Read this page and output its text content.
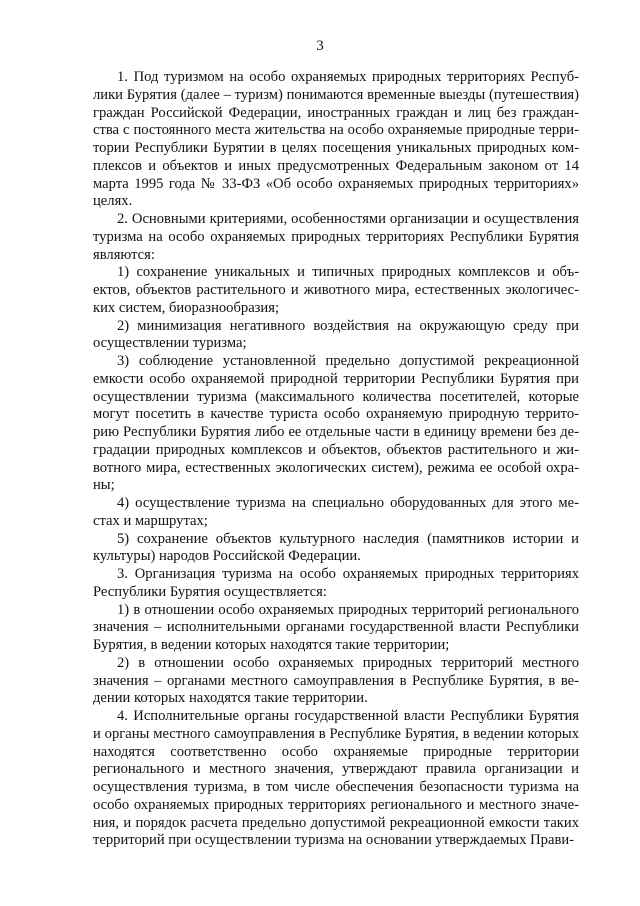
3

1. Под туризмом на особо охраняемых природных территориях Республики Бурятия (далее – туризм) понимаются временные выезды (путешествия) граждан Российской Федерации, иностранных граждан и лиц без гражданства с постоянного места жительства на особо охраняемые природные территории Республики Бурятии в целях посещения уникальных природных комплексов и объектов и иных предусмотренных Федеральным законом от 14 марта 1995 года № 33-ФЗ «Об особо охраняемых природных территориях» целях.

2. Основными критериями, особенностями организации и осуществления туризма на особо охраняемых природных территориях Республики Бурятия являются:

1) сохранение уникальных и типичных природных комплексов и объектов, объектов растительного и животного мира, естественных экологических систем, биоразнообразия;

2) минимизация негативного воздействия на окружающую среду при осуществлении туризма;

3) соблюдение установленной предельно допустимой рекреационной емкости особо охраняемой природной территории Республики Бурятия при осуществлении туризма (максимального количества посетителей, которые могут посетить в качестве туриста особо охраняемую природную территорию Республики Бурятия либо ее отдельные части в единицу времени без деградации природных комплексов и объектов, объектов растительного и животного мира, естественных экологических систем), режима ее особой охраны;

4) осуществление туризма на специально оборудованных для этого местах и маршрутах;

5) сохранение объектов культурного наследия (памятников истории и культуры) народов Российской Федерации.

3. Организация туризма на особо охраняемых природных территориях Республики Бурятия осуществляется:

1) в отношении особо охраняемых природных территорий регионального значения – исполнительными органами государственной власти Республики Бурятия, в ведении которых находятся такие территории;

2) в отношении особо охраняемых природных территорий местного значения – органами местного самоуправления в Республике Бурятия, в ведении которых находятся такие территории.

4. Исполнительные органы государственной власти Республики Бурятия и органы местного самоуправления в Республике Бурятия, в ведении которых находятся соответственно особо охраняемые природные территории регионального и местного значения, утверждают правила организации и осуществления туризма, в том числе обеспечения безопасности туризма на особо охраняемых природных территориях регионального и местного значения, и порядок расчета предельно допустимой рекреационной емкости таких территорий при осуществлении туризма на основании утверждаемых Прави-
